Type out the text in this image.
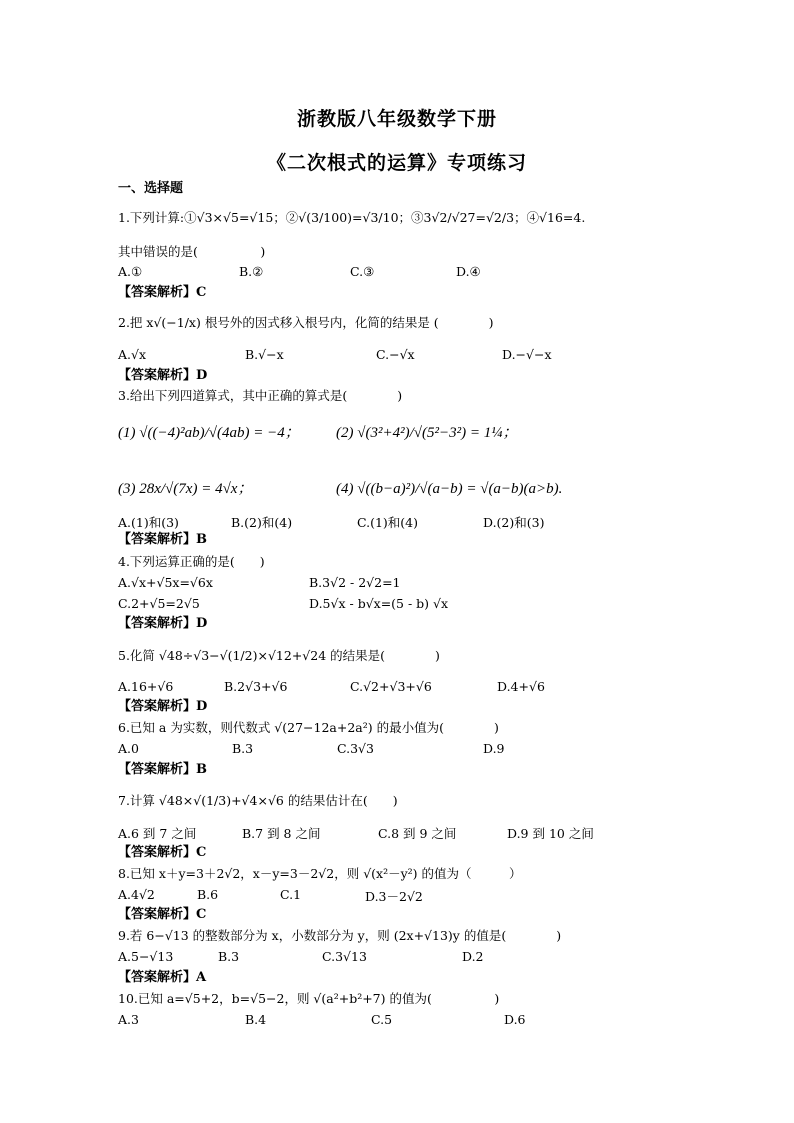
浙教版八年级数学下册
《二次根式的运算》专项练习
一、选择题
1.下列计算:①√3×√5=√15；②√(3/100)=√3/10；③3√2/√27=√2/3；④√16=4.
其中错误的是(　　　　　)
A.①	B.②	C.③	D.④
【答案解析】C
2.把 x√(−1/x) 根号外的因式移入根号内，化简的结果是 (　　　　)
A.√x	B.√−x	C.−√x	D.−√−x
【答案解析】D
3.给出下列四道算式，其中正确的算式是(　　　　)
(1) √((−4)²ab)/√(4ab) = −4； (2) √(3²+4²)/√(5²−3²) = 1¼；
(3) 28x/√(7x) = 4√x；	(4) √((b−a)²)/√(a−b) = √(a−b)(a>b).
A.(1)和(3)	B.(2)和(4)	C.(1)和(4)	D.(2)和(3)
【答案解析】B
4.下列运算正确的是(　　)
A.√x+√5x=√6x	B.3√2 - 2√2=1
C.2+√5=2√5	D.5√x - b√x=(5 - b) √x
【答案解析】D
5.化简 √48÷√3−√(1/2)×√12+√24 的结果是(　　　　)
A.16+√6	B.2√3+√6	C.√2+√3+√6	D.4+√6
【答案解析】D
6.已知 a 为实数，则代数式 √(27−12a+2a²) 的最小值为(　　　　)
A.0	B.3	C.3√3	D.9
【答案解析】B
7.计算 √48×√(1/3)+√4×√6 的结果估计在(　　)
A.6 到 7 之间	B.7 到 8 之间	C.8 到 9 之间	D.9 到 10 之间
【答案解析】C
8.已知 x＋y=3＋2√2，x－y=3－2√2，则 √(x²－y²) 的值为（　　　）
A.4√2	B.6	C.1	D.3－2√2
【答案解析】C
9.若 6−√13 的整数部分为 x，小数部分为 y，则 (2x+√13)y 的值是(　　　　)
A.5−√13	B.3	C.3√13	D.2
【答案解析】A
10.已知 a=√5+2，b=√5−2，则 √(a²+b²+7) 的值为(　　　　　)
A.3	B.4	C.5	D.6
